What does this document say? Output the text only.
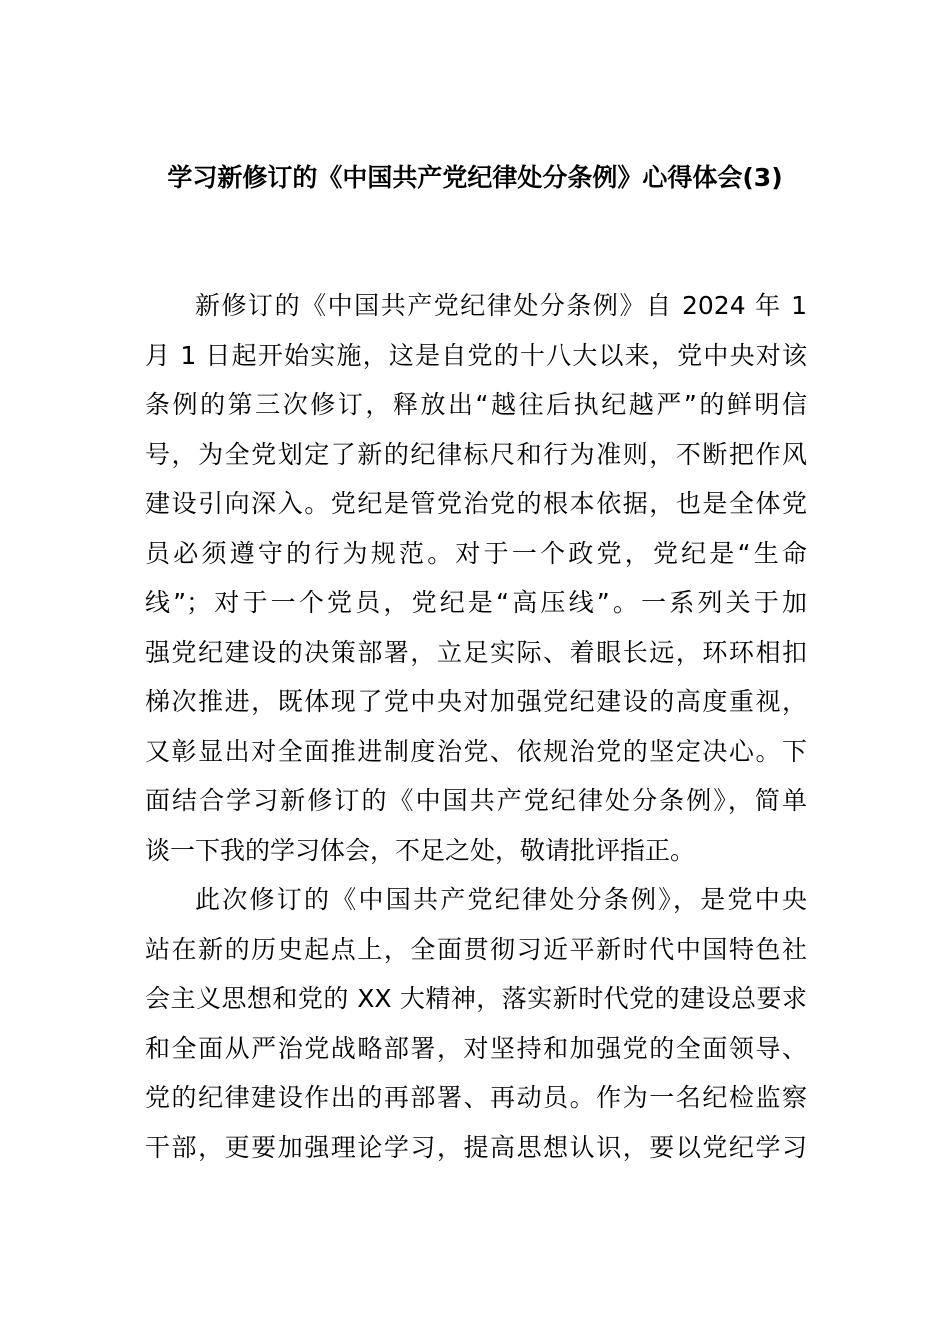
学习新修订的《中国共产党纪律处分条例》心得体会(3)
新修订的《中国共产党纪律处分条例》自 2024 年 1
月 1 日起开始实施，这是自党的十八大以来，党中央对该
条例的第三次修订，释放出“越往后执纪越严”的鲜明信
号，为全党划定了新的纪律标尺和行为准则，不断把作风
建设引向深入。党纪是管党治党的根本依据，也是全体党
员必须遵守的行为规范。对于一个政党，党纪是“生命
线”；对于一个党员，党纪是“高压线”。一系列关于加
强党纪建设的决策部署，立足实际、着眼长远，环环相扣
梯次推进，既体现了党中央对加强党纪建设的高度重视，
又彰显出对全面推进制度治党、依规治党的坚定决心。下
面结合学习新修订的《中国共产党纪律处分条例》，简单
谈一下我的学习体会，不足之处，敬请批评指正。
此次修订的《中国共产党纪律处分条例》，是党中央
站在新的历史起点上，全面贯彻习近平新时代中国特色社
会主义思想和党的 XX 大精神，落实新时代党的建设总要求
和全面从严治党战略部署，对坚持和加强党的全面领导、
党的纪律建设作出的再部署、再动员。作为一名纪检监察
干部，更要加强理论学习，提高思想认识，要以党纪学习
